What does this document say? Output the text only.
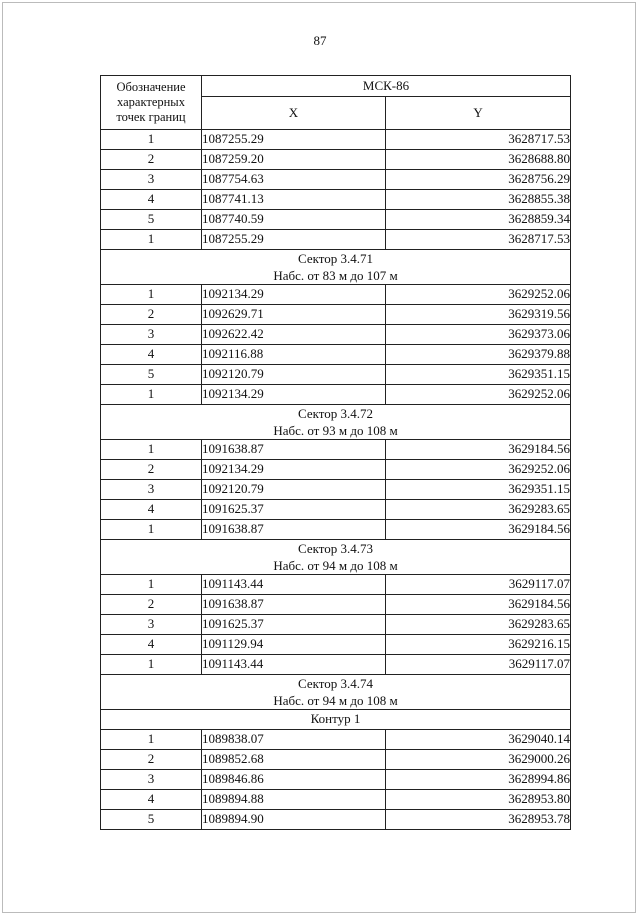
87
Обозначение характерных точек границ	МСК-86	
	X	Y
1	1087255.29	3628717.53
2	1087259.20	3628688.80
3	1087754.63	3628756.29
4	1087741.13	3628855.38
5	1087740.59	3628859.34
1	1087255.29	3628717.53

Сектор 3.4.71
Нaбс. от 83 м до 107 м		

1	1092134.29	3629252.06
2	1092629.71	3629319.56
3	1092622.42	3629373.06
4	1092116.88	3629379.88
5	1092120.79	3629351.15
1	1092134.29	3629252.06

Сектор 3.4.72
Нaбс. от 93 м до 108 м		

1	1091638.87	3629184.56
2	1092134.29	3629252.06
3	1092120.79	3629351.15
4	1091625.37	3629283.65
1	1091638.87	3629184.56

Сектор 3.4.73
Нaбс. от 94 м до 108 м		

1	1091143.44	3629117.07
2	1091638.87	3629184.56
3	1091625.37	3629283.65
4	1091129.94	3629216.15
1	1091143.44	3629117.07

Сектор 3.4.74
Нaбс. от 94 м до 108 м		

Контур 1		
1	1089838.07	3629040.14
2	1089852.68	3629000.26
3	1089846.86	3628994.86
4	1089894.88	3628953.80
5	1089894.90	3628953.78
